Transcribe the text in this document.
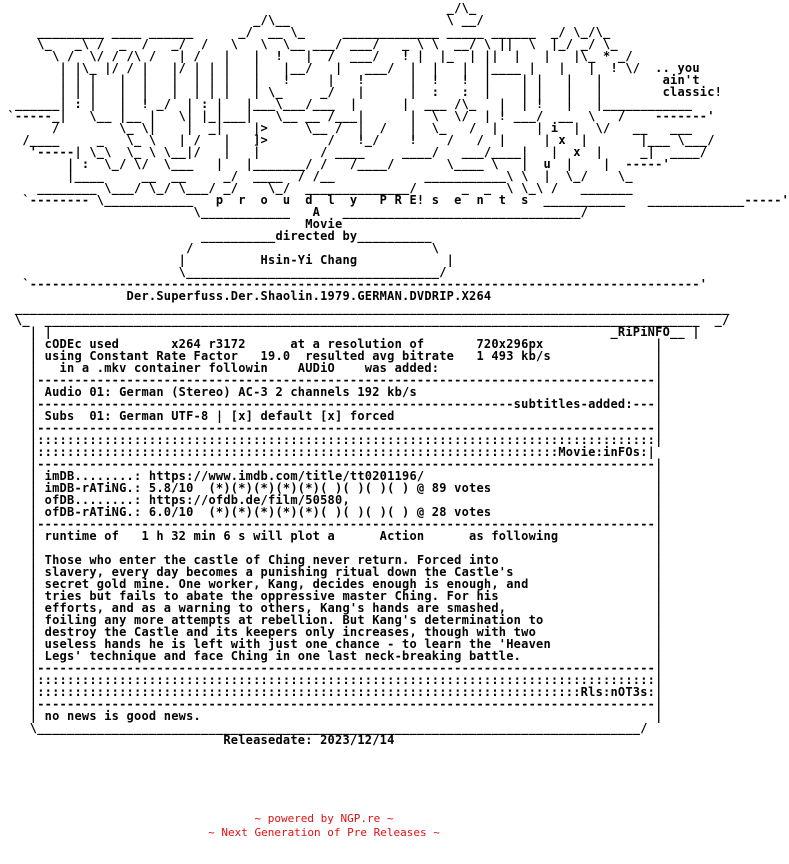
_/\_
_/\__                     \ __/
_________ ____ ______      _/  __ \_     _____________ _____ ______  _/ \_/\_
\_   _\ /  _  /   _/  /   \   \  \__ ___/ ___/   _ \ \  __/ \ ||  \  |_/ _/ \_
\ /  \/ / /\ /   | /   |   |  !   |  /  ___/   ! |  |_  | ||  |   |   |\_ * _/
| |\_ |/ / |   |/ | | |   |   |__/   |   ___/  |  |   |  |____ |   |   |  ! \/  .. you
| | |   |  |   |  | | |   |   !     |   !      |  !   !  |    | |   |   |        ain't
| | |   |  |   |  | | |   | \_     _/   |      |  :   :  |    | |   |   |        classic!
______| : |   |  ! _/  | : |   |___\___/___  |      |  ___ /\_   |  | !   |   |____________
`-----_|   \__ |__ |   \| |_|___|   \__ __ /___|      |  \  \/  | ! ___/  __  \   /    -------'
/        \_ \|    |  _|    |>     \__ /  |  /   |  \_   /  |     | i  |  \/   __   ___
/____     _   \_ \   | /   |   ]>        /   !_/    !    /   /  |     | x  |       |___ \___/
'-----| \_\  \_ \ \__|/   |   |        / ____     ____/   ___/____|   |  x  |     _|  ____/
| :  \_/ \/  \___   |   |_______/ /   /____/       \____ \   |  u  |    |  -----'
|____     __  __     _/  ____  / /__            ___________\ \  |  \_/    \_
________ \___/ \_/ \___/ _/    \_/  ______________/      _  _  \ \_\ /   _______
`-------- \____________   p  r  o  u  d  l  y   P R E! s  e  n  t  s  ___________   _____________-----'
\____________   A   ________________________________/
Movie
__________directed by__________
/                                \
|          Hsin-Yi Chang            |
\__________________________________/
`------------------------------------------------------------------------------------------'
Der.Superfuss.Der.Shaolin.1979.GERMAN.DVDRIP.X264
________________________________________________________________________________________________
\_  ________________________________________________________________________________________  _/
| |                                                                           _RiPiNFO__ |
| cODEc used       x264 r3172      at a resolution of       720x296px               |
| using Constant Rate Factor   19.0  resulted avg bitrate   1 493 kb/s              |
|   in a .mkv container followin    AUDiO    was added:                             |
|-----------------------------------------------------------------------------------|
| Audio 01: German (Stereo) AC-3 2 channels 192 kb/s                                |
|----------------------------------------------------------------subtitles-added:---|
| Subs  01: German UTF-8 | [x] default [x] forced                                   |
|-----------------------------------------------------------------------------------|
|:::::::::::::::::::::::::::::::::::::::::::::::::::::::::::::::::::::::::::::::::::|
|::::::::::::::::::::::::::::::::::::::::::::::::::::::::::::::::::::::Movie:inFOs:|
|-----------------------------------------------------------------------------------|
| imDB........: https://www.imdb.com/title/tt0201196/                               |
| imDB-rATiNG.: 5.8/10  (*)(*)(*)(*)(*)( )( )( )( ) @ 89 votes                      |
| ofDB........: https://ofdb.de/film/50580,                                         |
| ofDB-rATiNG.: 6.0/10  (*)(*)(*)(*)(*)( )( )( )( ) @ 28 votes                      |
|-----------------------------------------------------------------------------------|
| runtime of   1 h 32 min 6 s will plot a      Action      as following             |
|                                                                                   |
| Those who enter the castle of Ching never return. Forced into                     |
| slavery, every day becomes a punishing ritual down the Castle's                   |
| secret gold mine. One worker, Kang, decides enough is enough, and                 |
| tries but fails to abate the oppressive master Ching. For his                     |
| efforts, and as a warning to others, Kang's hands are smashed,                    |
| foiling any more attempts at rebellion. But Kang's determination to               |
| destroy the Castle and its keepers only increases, though with two                |
| useless hands he is left with just one chance - to learn the 'Heaven              |
| Legs' technique and face Ching in one last neck-breaking battle.                  |
|-----------------------------------------------------------------------------------|
|:::::::::::::::::::::::::::::::::::::::::::::::::::::::::::::::::::::::::::::::::::|
|:::::::::::::::::::::::::::::::::::::::::::::::::::::::::::::::::::::::::Rls:nOT3s:|
|-----------------------------------------------------------------------------------|
| no news is good news.                                                             |
\_________________________________________________________________________________/
Releasedate: 2023/12/14

~ powered by NGP.re ~
~ Next Generation of Pre Releases ~
